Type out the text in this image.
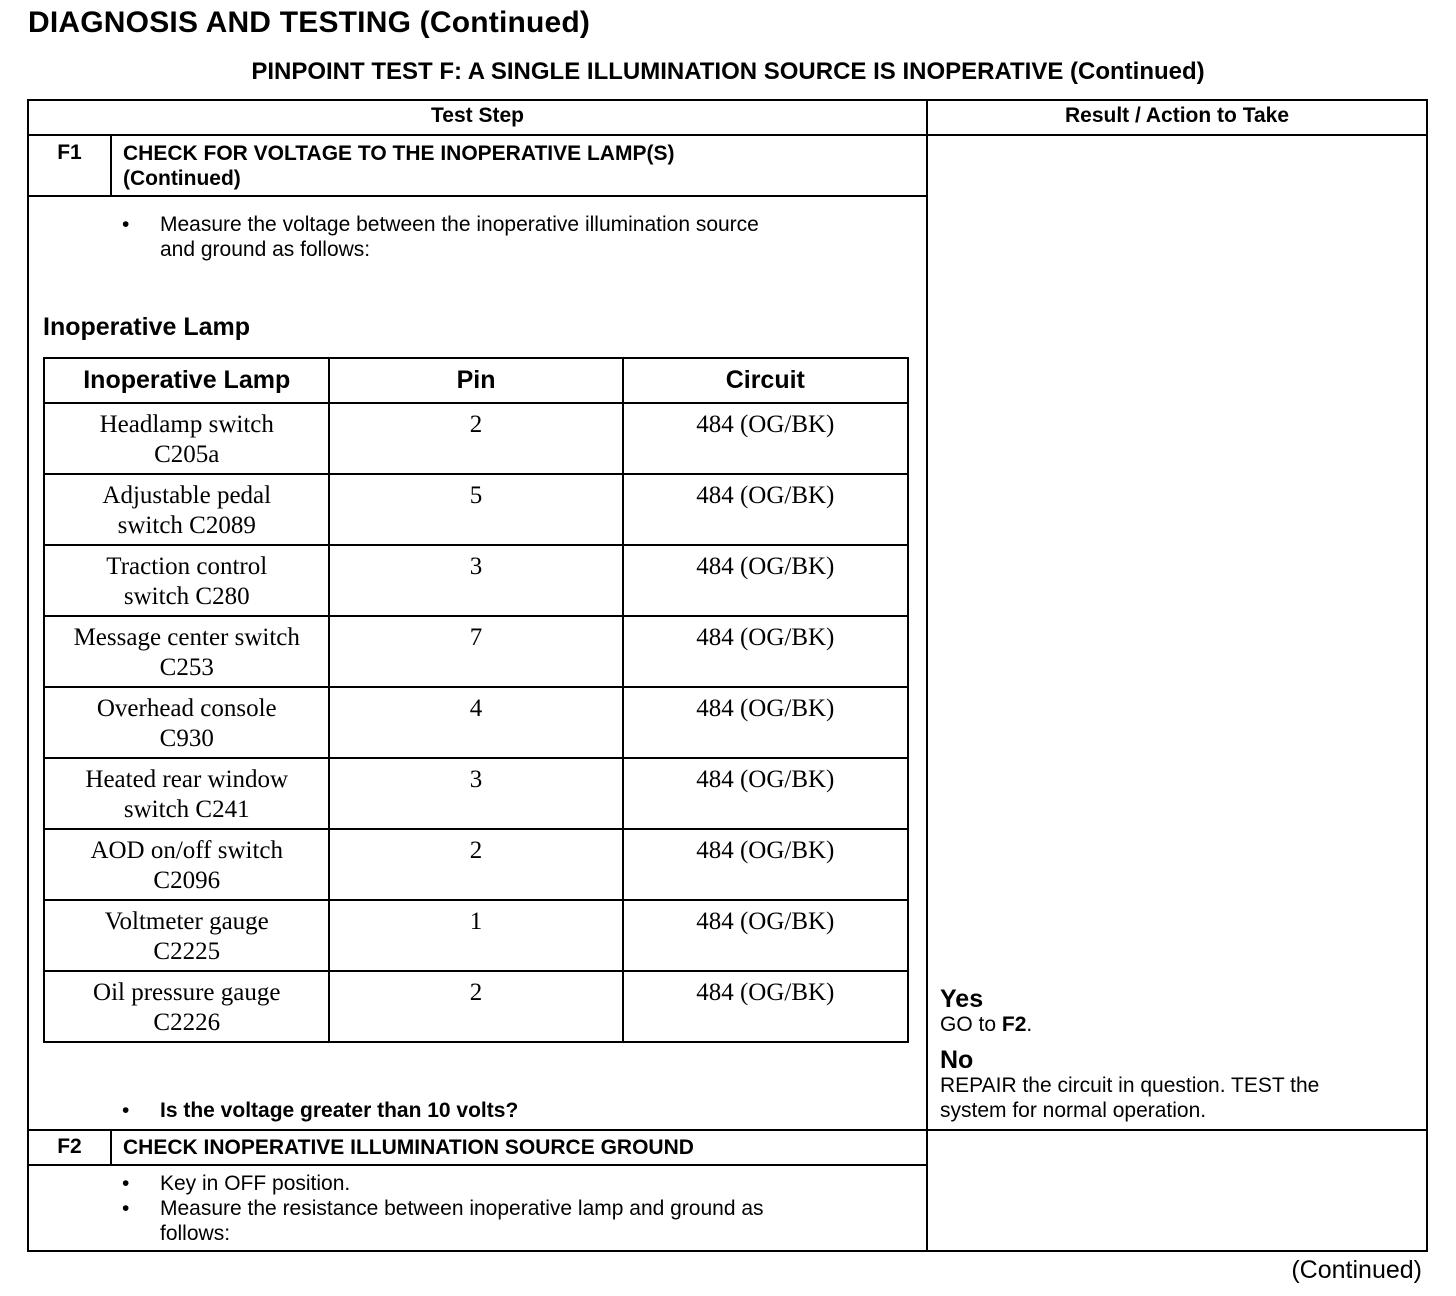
DIAGNOSIS AND TESTING (Continued)
PINPOINT TEST F: A SINGLE ILLUMINATION SOURCE IS INOPERATIVE (Continued)
Test Step	Result / Action to Take
F1	CHECK FOR VOLTAGE TO THE INOPERATIVE LAMP(S)
(Continued)
• Measure the voltage between the inoperative illumination source
and ground as follows:
Inoperative Lamp
Inoperative Lamp	Pin	Circuit

Headlamp switch
C205a	2	484 (OG/BK)

Adjustable pedal
switch C2089	5	484 (OG/BK)

Traction control
switch C280	3	484 (OG/BK)

Message center switch
C253	7	484 (OG/BK)

Overhead console
C930	4	484 (OG/BK)

Heated rear window
switch C241	3	484 (OG/BK)

AOD on/off switch
C2096	2	484 (OG/BK)

Voltmeter gauge
C2225	1	484 (OG/BK)

Oil pressure gauge
C2226	2	484 (OG/BK)
• Is the voltage greater than 10 volts?
Yes
GO to F2.
No
REPAIR the circuit in question. TEST the
system for normal operation.
F2	CHECK INOPERATIVE ILLUMINATION SOURCE GROUND
• Key in OFF position.
• Measure the resistance between inoperative lamp and ground as
follows:
(Continued)
